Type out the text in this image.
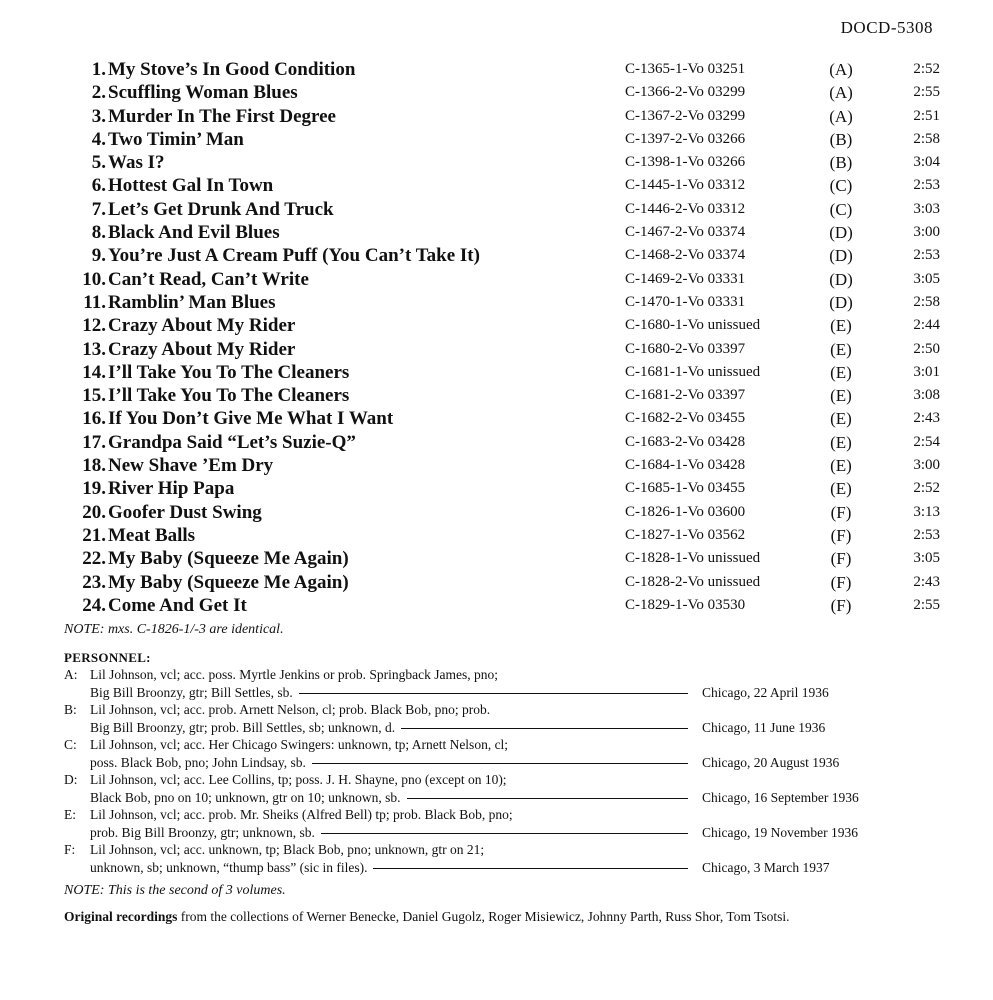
DOCD-5308
1. My Stove’s In Good Condition	C-1365-1-Vo 03251	(A)	2:52
2. Scuffling Woman Blues	C-1366-2-Vo 03299	(A)	2:55
3. Murder In The First Degree	C-1367-2-Vo 03299	(A)	2:51
4. Two Timin’ Man	C-1397-2-Vo 03266	(B)	2:58
5. Was I?	C-1398-1-Vo 03266	(B)	3:04
6. Hottest Gal In Town	C-1445-1-Vo 03312	(C)	2:53
7. Let’s Get Drunk And Truck	C-1446-2-Vo 03312	(C)	3:03
8. Black And Evil Blues	C-1467-2-Vo 03374	(D)	3:00
9. You’re Just A Cream Puff (You Can’t Take It)	C-1468-2-Vo 03374	(D)	2:53
10. Can’t Read, Can’t Write	C-1469-2-Vo 03331	(D)	3:05
11. Ramblin’ Man Blues	C-1470-1-Vo 03331	(D)	2:58
12. Crazy About My Rider	C-1680-1-Vo unissued	(E)	2:44
13. Crazy About My Rider	C-1680-2-Vo 03397	(E)	2:50
14. I’ll Take You To The Cleaners	C-1681-1-Vo unissued	(E)	3:01
15. I’ll Take You To The Cleaners	C-1681-2-Vo 03397	(E)	3:08
16. If You Don’t Give Me What I Want	C-1682-2-Vo 03455	(E)	2:43
17. Grandpa Said “Let’s Suzie-Q”	C-1683-2-Vo 03428	(E)	2:54
18. New Shave ’Em Dry	C-1684-1-Vo 03428	(E)	3:00
19. River Hip Papa	C-1685-1-Vo 03455	(E)	2:52
20. Goofer Dust Swing	C-1826-1-Vo 03600	(F)	3:13
21. Meat Balls	C-1827-1-Vo 03562	(F)	2:53
22. My Baby (Squeeze Me Again)	C-1828-1-Vo unissued	(F)	3:05
23. My Baby (Squeeze Me Again)	C-1828-2-Vo unissued	(F)	2:43
24. Come And Get It	C-1829-1-Vo 03530	(F)	2:55
NOTE: mxs. C-1826-1/-3 are identical.
PERSONNEL:
A: Lil Johnson, vcl; acc. poss. Myrtle Jenkins or prob. Springback James, pno;
Big Bill Broonzy, gtr; Bill Settles, sb.	Chicago, 22 April 1936
B: Lil Johnson, vcl; acc. prob. Arnett Nelson, cl; prob. Black Bob, pno; prob.
Big Bill Broonzy, gtr; prob. Bill Settles, sb; unknown, d.	Chicago, 11 June 1936
C: Lil Johnson, vcl; acc. Her Chicago Swingers: unknown, tp; Arnett Nelson, cl;
poss. Black Bob, pno; John Lindsay, sb.	Chicago, 20 August 1936
D: Lil Johnson, vcl; acc. Lee Collins, tp; poss. J. H. Shayne, pno (except on 10);
Black Bob, pno on 10; unknown, gtr on 10; unknown, sb.	Chicago, 16 September 1936
E:	Lil Johnson, vcl; acc. prob. Mr. Sheiks (Alfred Bell) tp; prob. Black Bob, pno;
prob. Big Bill Broonzy, gtr; unknown, sb.	Chicago, 19 November 1936
F:	Lil Johnson, vcl; acc. unknown, tp; Black Bob, pno; unknown, gtr on 21;
unknown, sb; unknown, “thump bass” (sic in files).	Chicago, 3 March 1937
NOTE: This is the second of 3 volumes.
Original recordings from the collections of Werner Benecke, Daniel Gugolz, Roger Misiewicz, Johnny Parth, Russ Shor, Tom Tsotsi.
